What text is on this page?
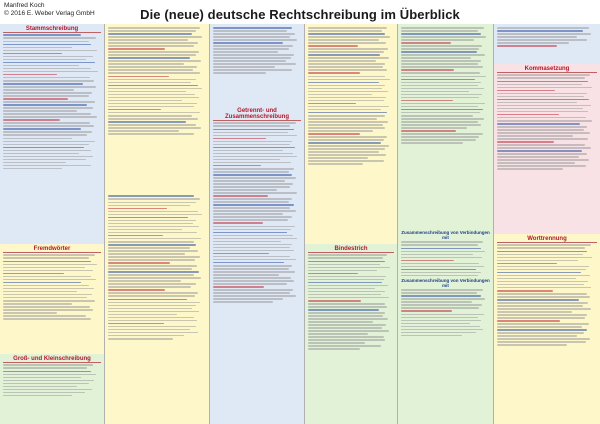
Manfred Koch
© 2016 E. Weber Verlag GmbH	Die (neue) deutsche Rechtschreibung im Überblick
Stammschreibung
Fremdwörter
Groß- und Kleinschreibung
Getrennt- und Zusammenschreibung
Bindestrich
Zusammenschreibung von Verbindungen mit
Zusammenschreibung von Verbindungen mit
Kommasetzung
Worttrennung
